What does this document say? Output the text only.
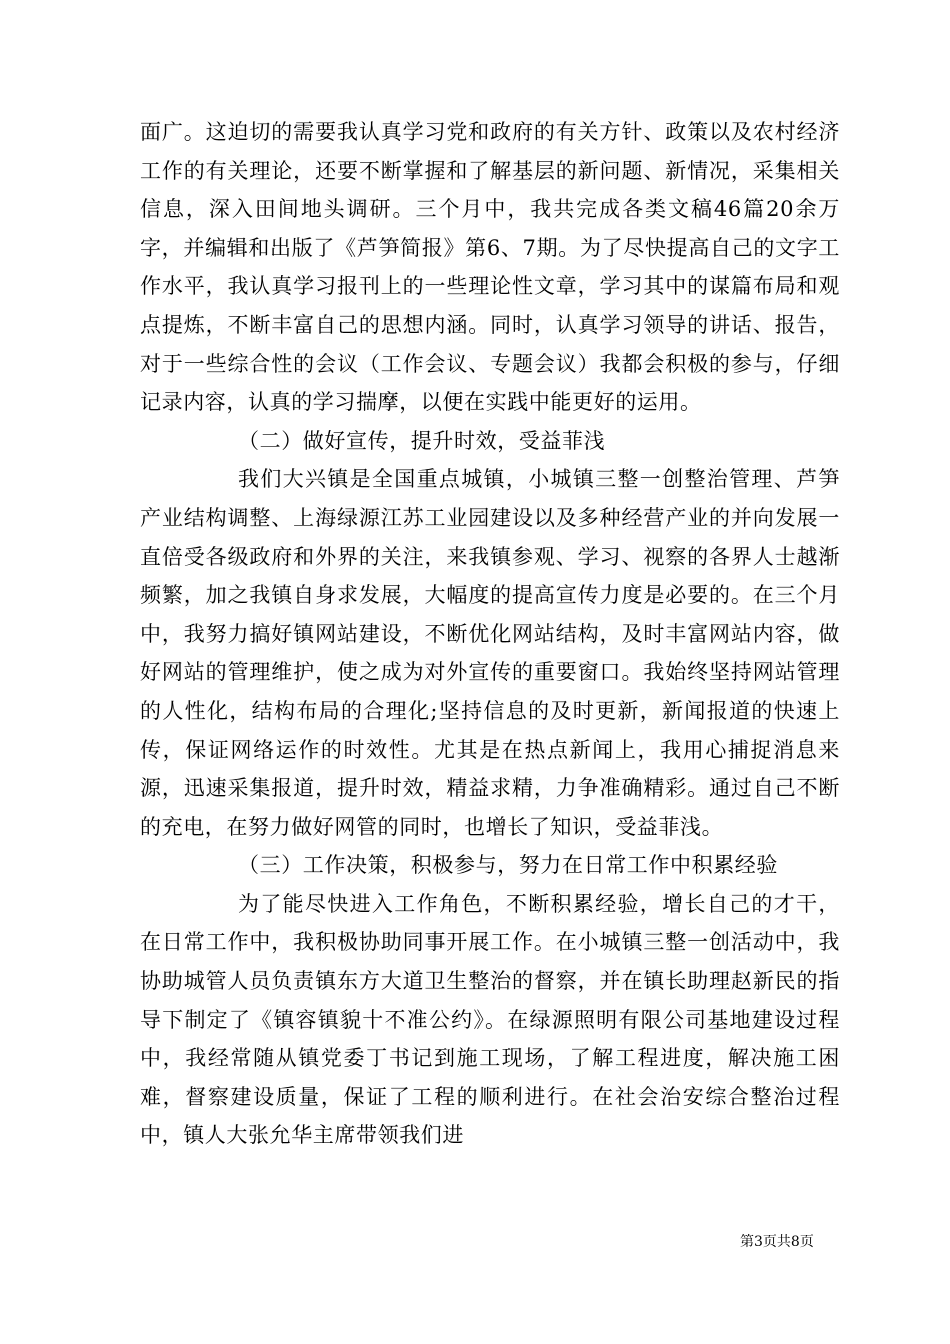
面广。这迫切的需要我认真学习党和政府的有关方针、政策以及农村经济工作的有关理论，还要不断掌握和了解基层的新问题、新情况，采集相关信息，深入田间地头调研。三个月中，我共完成各类文稿46篇20余万字，并编辑和出版了《芦笋简报》第6、7期。为了尽快提高自己的文字工作水平，我认真学习报刊上的一些理论性文章，学习其中的谋篇布局和观点提炼，不断丰富自己的思想内涵。同时，认真学习领导的讲话、报告，对于一些综合性的会议（工作会议、专题会议）我都会积极的参与，仔细记录内容，认真的学习揣摩，以便在实践中能更好的运用。

（二）做好宣传，提升时效，受益菲浅

我们大兴镇是全国重点城镇，小城镇三整一创整治管理、芦笋产业结构调整、上海绿源江苏工业园建设以及多种经营产业的并向发展一直倍受各级政府和外界的关注，来我镇参观、学习、视察的各界人士越渐频繁，加之我镇自身求发展，大幅度的提高宣传力度是必要的。在三个月中，我努力搞好镇网站建设，不断优化网站结构，及时丰富网站内容，做好网站的管理维护，使之成为对外宣传的重要窗口。我始终坚持网站管理的人性化，结构布局的合理化;坚持信息的及时更新，新闻报道的快速上传，保证网络运作的时效性。尤其是在热点新闻上，我用心捕捉消息来源，迅速采集报道，提升时效，精益求精，力争准确精彩。通过自己不断的充电，在努力做好网管的同时，也增长了知识，受益菲浅。

（三）工作决策，积极参与，努力在日常工作中积累经验

为了能尽快进入工作角色，不断积累经验，增长自己的才干，在日常工作中，我积极协助同事开展工作。在小城镇三整一创活动中，我协助城管人员负责镇东方大道卫生整治的督察，并在镇长助理赵新民的指导下制定了《镇容镇貌十不准公约》。在绿源照明有限公司基地建设过程中，我经常随从镇党委丁书记到施工现场，了解工程进度，解决施工困难，督察建设质量，保证了工程的顺利进行。在社会治安综合整治过程中，镇人大张允华主席带领我们进

第3页共8页
